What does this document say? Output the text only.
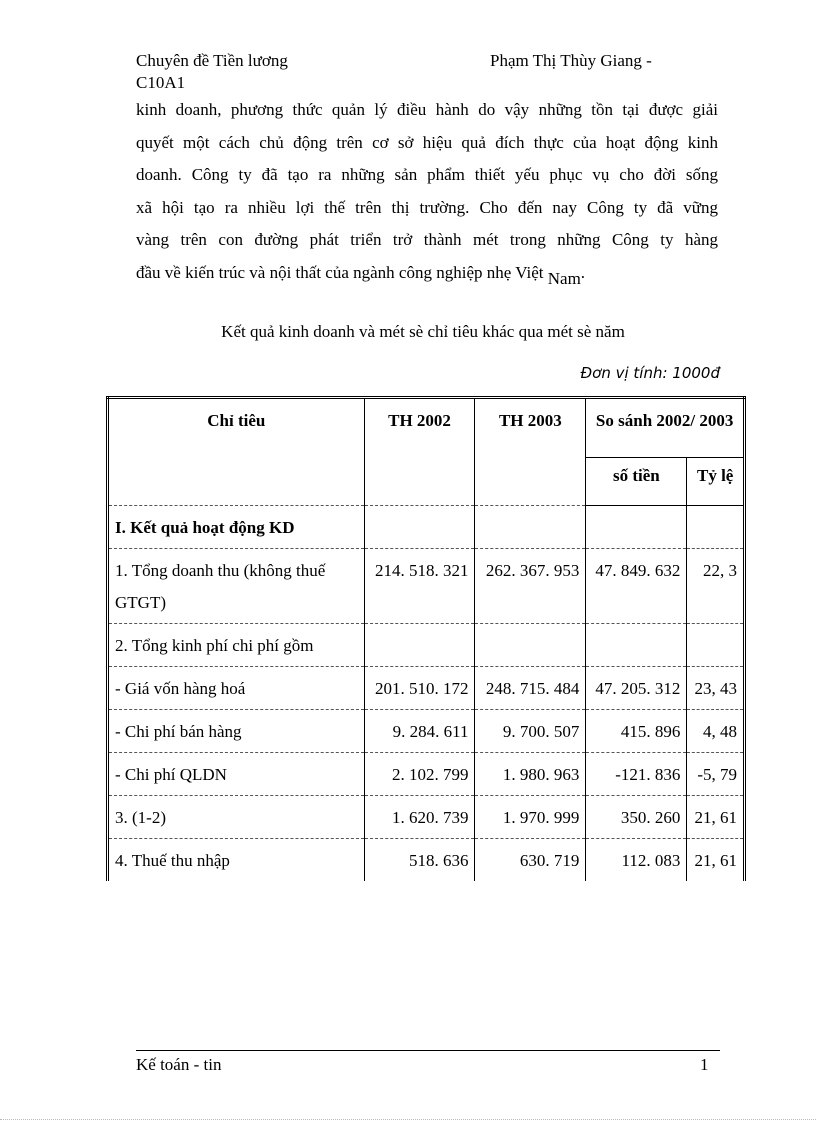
Chuyên đề Tiền lương
C10A1
Phạm Thị Thùy Giang -
kinh doanh, phương thức quản lý điều hành do vậy những tồn tại được giải
quyết một cách chủ động trên cơ sở hiệu quả đích thực của hoạt động kinh
doanh. Công ty đã tạo ra những sản phẩm thiết yếu phục vụ cho đời sống
xã hội tạo ra nhiều lợi thế trên thị trường. Cho đến nay Công ty đã vững
vàng trên con đường phát triển trở thành mét trong những Công ty hàng
đầu về kiến trúc và nội thất của ngành công nghiệp nhẹ Việt Nam.
Kết quả kinh doanh và mét sè chỉ tiêu khác qua mét sè năm
Đơn vị tính: 1000đ
Chỉ tiêu	TH 2002	TH 2003	So sánh 2002/ 2003	
			số tiền	Tỷ lệ
I. Kết quả hoạt động KD				
1. Tổng doanh thu (không thuế GTGT)	214. 518. 321	262. 367. 953	47. 849. 632	22, 3
2. Tổng kinh phí chi phí gồm				
- Giá vốn hàng hoá	201. 510. 172	248. 715. 484	47. 205. 312	23, 43
- Chi phí bán hàng	9. 284. 611	9. 700. 507	415. 896	4, 48
- Chi phí QLDN	2. 102. 799	1. 980. 963	-121. 836	-5, 79
3. (1-2)	1. 620. 739	1. 970. 999	350. 260	21, 61
4. Thuế thu nhập	518. 636	630. 719	112. 083	21, 61
Kế toán - tin	1
